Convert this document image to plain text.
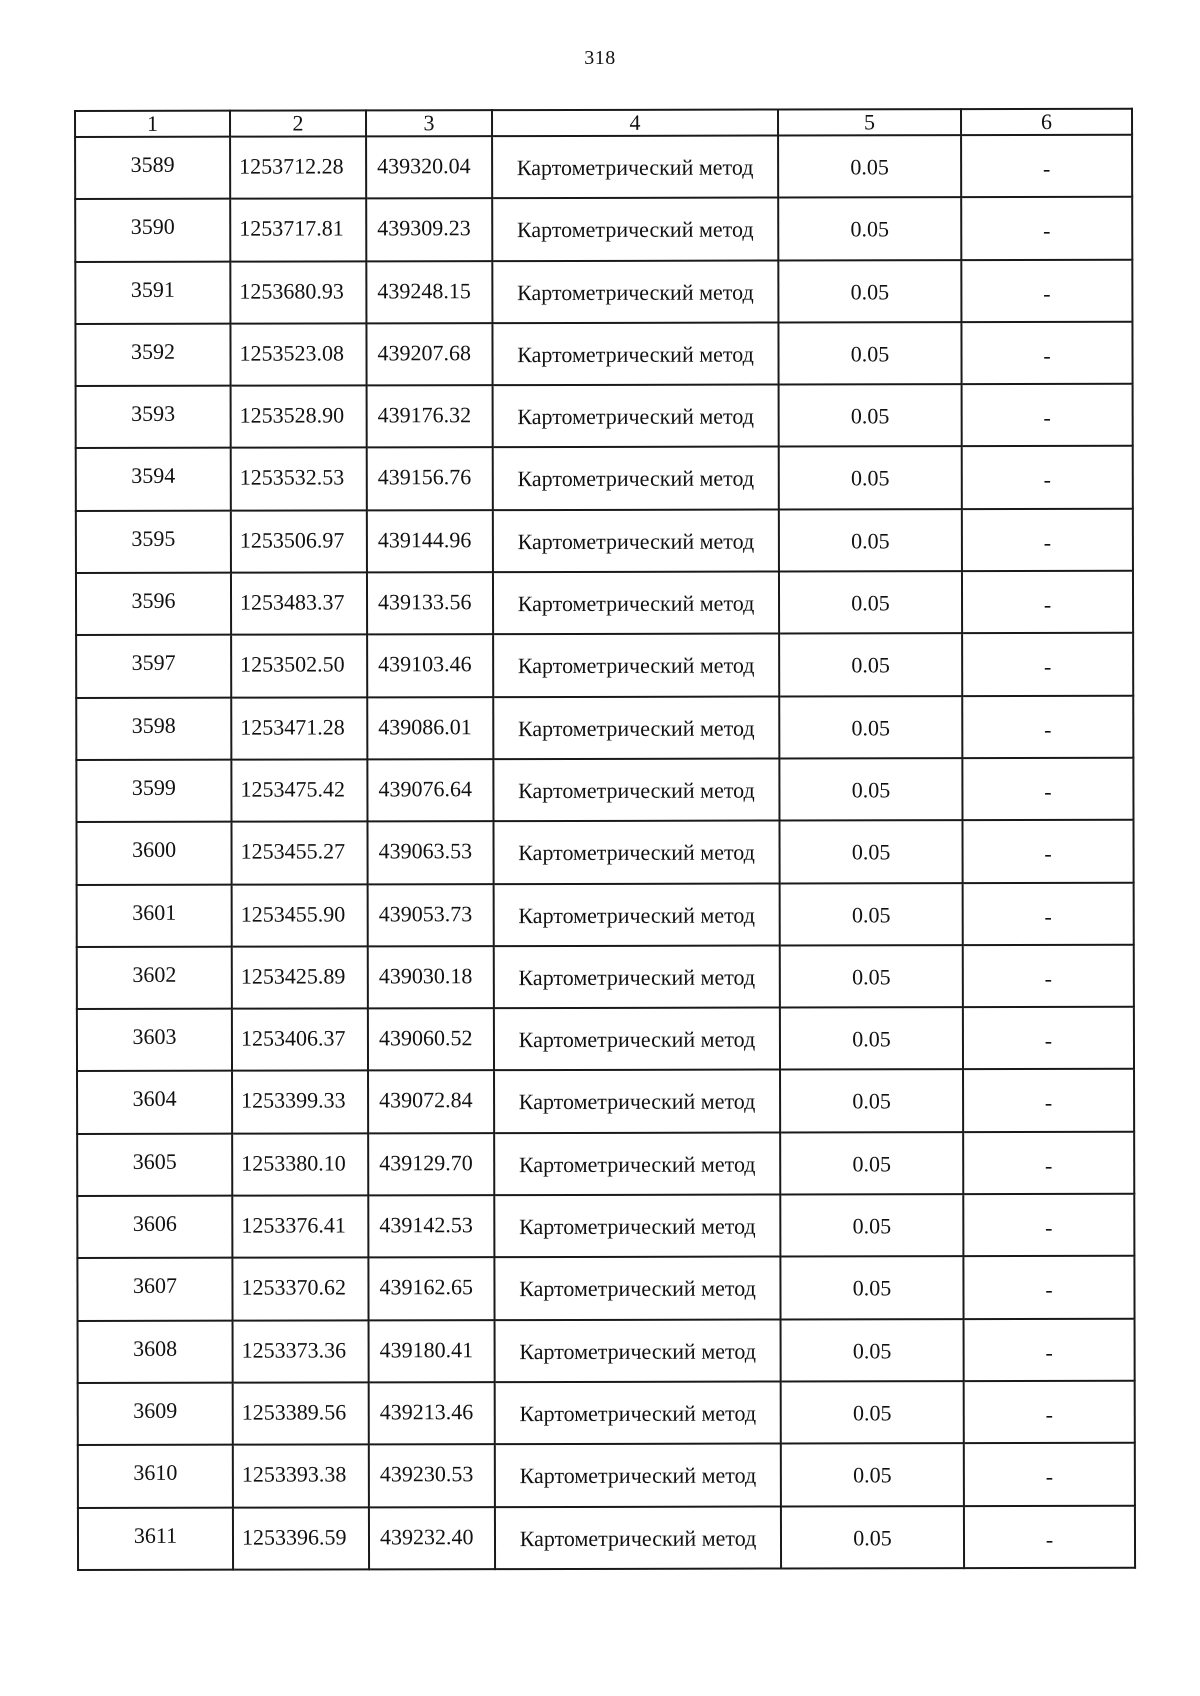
318
1	2	3	4	5	6

3589	1253712.28	439320.04	Картометрический метод	0.05	-

3590	1253717.81	439309.23	Картометрический метод	0.05	-

3591	1253680.93	439248.15	Картометрический метод	0.05	-

3592	1253523.08	439207.68	Картометрический метод	0.05	-

3593	1253528.90	439176.32	Картометрический метод	0.05	-

3594	1253532.53	439156.76	Картометрический метод	0.05	-

3595	1253506.97	439144.96	Картометрический метод	0.05	-

3596	1253483.37	439133.56	Картометрический метод	0.05	-

3597	1253502.50	439103.46	Картометрический метод	0.05	-

3598	1253471.28	439086.01	Картометрический метод	0.05	-

3599	1253475.42	439076.64	Картометрический метод	0.05	-

3600	1253455.27	439063.53	Картометрический метод	0.05	-

3601	1253455.90	439053.73	Картометрический метод	0.05	-

3602	1253425.89	439030.18	Картометрический метод	0.05	-

3603	1253406.37	439060.52	Картометрический метод	0.05	-

3604	1253399.33	439072.84	Картометрический метод	0.05	-

3605	1253380.10	439129.70	Картометрический метод	0.05	-

3606	1253376.41	439142.53	Картометрический метод	0.05	-

3607	1253370.62	439162.65	Картометрический метод	0.05	-

3608	1253373.36	439180.41	Картометрический метод	0.05	-

3609	1253389.56	439213.46	Картометрический метод	0.05	-

3610	1253393.38	439230.53	Картометрический метод	0.05	-

3611	1253396.59	439232.40	Картометрический метод	0.05	-
